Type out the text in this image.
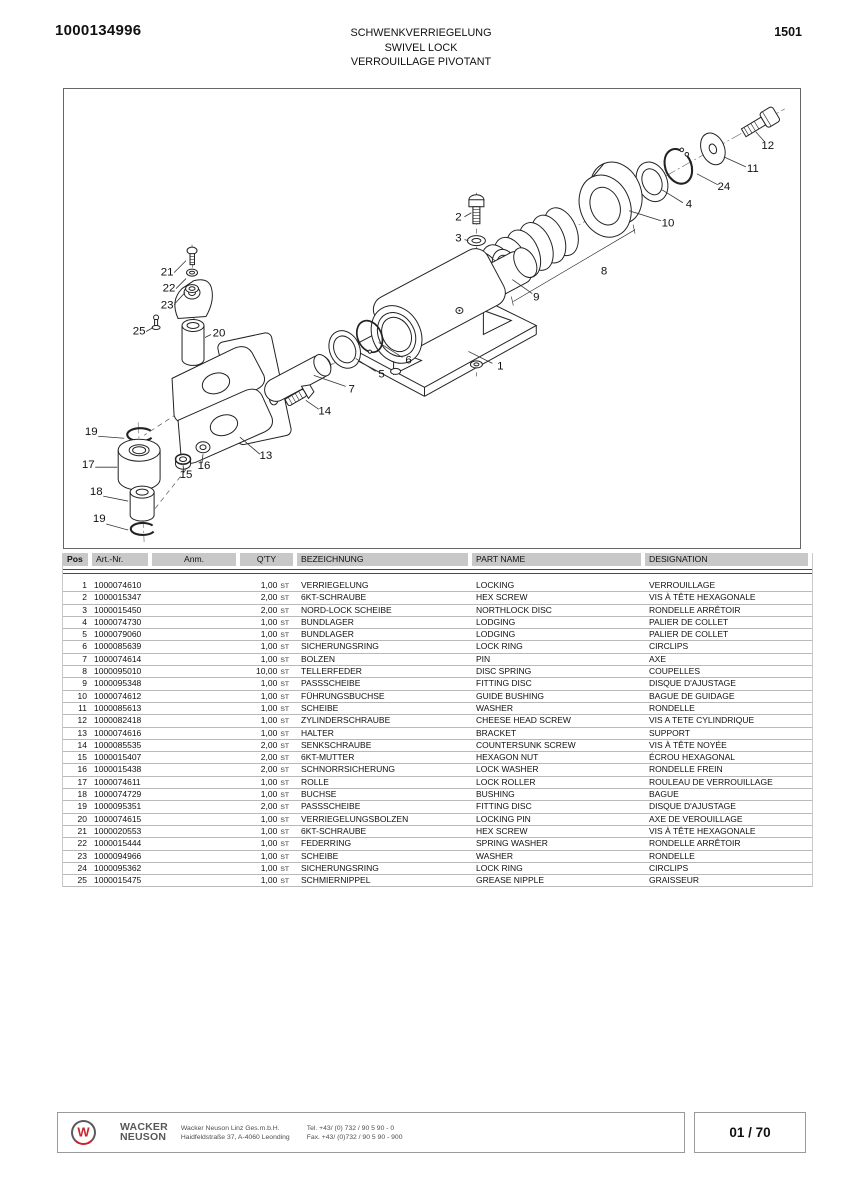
1000134996	SCHWENKVERRIEGELUNG
SWIVEL LOCK
VERROUILLAGE PIVOTANT
1501
1
2
3
4
5
6
7
8
9
10
11
12
13
14
15
16
17
18
19
19
20
21
22
23
24
25
Pos	Art.-Nr.	Anm.	Q'TY	BEZEICHNUNG	PART NAME	DESIGNATION
1 1000074610	1,00 ST	VERRIEGELUNG	LOCKING	VERROUILLAGE
2 1000015347	2,00 ST	6KT-SCHRAUBE	HEX SCREW	VIS À TÊTE HEXAGONALE
3 1000015450	2,00 ST	NORD-LOCK SCHEIBE	NORTHLOCK DISC	RONDELLE ARRÊTOIR
4 1000074730	1,00 ST	BUNDLAGER	LODGING	PALIER DE COLLET
5 1000079060	1,00 ST	BUNDLAGER	LODGING	PALIER DE COLLET
6 1000085639	1,00 ST	SICHERUNGSRING	LOCK RING	CIRCLIPS
7 1000074614	1,00 ST	BOLZEN	PIN	AXE
8 1000095010	10,00 ST	TELLERFEDER	DISC SPRING	COUPELLES
9 1000095348	1,00 ST	PASSSCHEIBE	FITTING DISC	DISQUE D'AJUSTAGE
10 1000074612	1,00 ST	FÜHRUNGSBUCHSE	GUIDE BUSHING	BAGUE DE GUIDAGE
11 1000085613	1,00 ST	SCHEIBE	WASHER	RONDELLE
12 1000082418	1,00 ST	ZYLINDERSCHRAUBE	CHEESE HEAD SCREW	VIS A TETE CYLINDRIQUE
13 1000074616	1,00 ST	HALTER	BRACKET	SUPPORT
14 1000085535	2,00 ST	SENKSCHRAUBE	COUNTERSUNK SCREW	VIS À TÊTE NOYÉE
15 1000015407	2,00 ST	6KT-MUTTER	HEXAGON NUT	ÉCROU HEXAGONAL
16 1000015438	2,00 ST	SCHNORRSICHERUNG	LOCK WASHER	RONDELLE FREIN
17 1000074611	1,00 ST	ROLLE	LOCK ROLLER	ROULEAU DE VERROUILLAGE
18 1000074729	1,00 ST	BUCHSE	BUSHING	BAGUE
19 1000095351	2,00 ST	PASSSCHEIBE	FITTING DISC	DISQUE D'AJUSTAGE
20 1000074615	1,00 ST	VERRIEGELUNGSBOLZEN	LOCKING PIN	AXE DE VEROUILLAGE
21 1000020553	1,00 ST	6KT-SCHRAUBE	HEX SCREW	VIS À TÊTE HEXAGONALE
22 1000015444	1,00 ST	FEDERRING	SPRING WASHER	RONDELLE ARRÊTOIR
23 1000094966	1,00 ST	SCHEIBE	WASHER	RONDELLE
24 1000095362	1,00 ST	SICHERUNGSRING	LOCK RING	CIRCLIPS
25 1000015475	1,00 ST	SCHMIERNIPPEL	GREASE NIPPLE	GRAISSEUR
W	WACKER
NEUSON
Wacker Neuson Linz Ges.m.b.H.
Haidfeldstraße 37, A-4060 Leonding
Tel. +43/ (0) 732 / 90 5 90 - 0
Fax. +43/ (0)732 / 90 5 90 - 900	01 / 70
